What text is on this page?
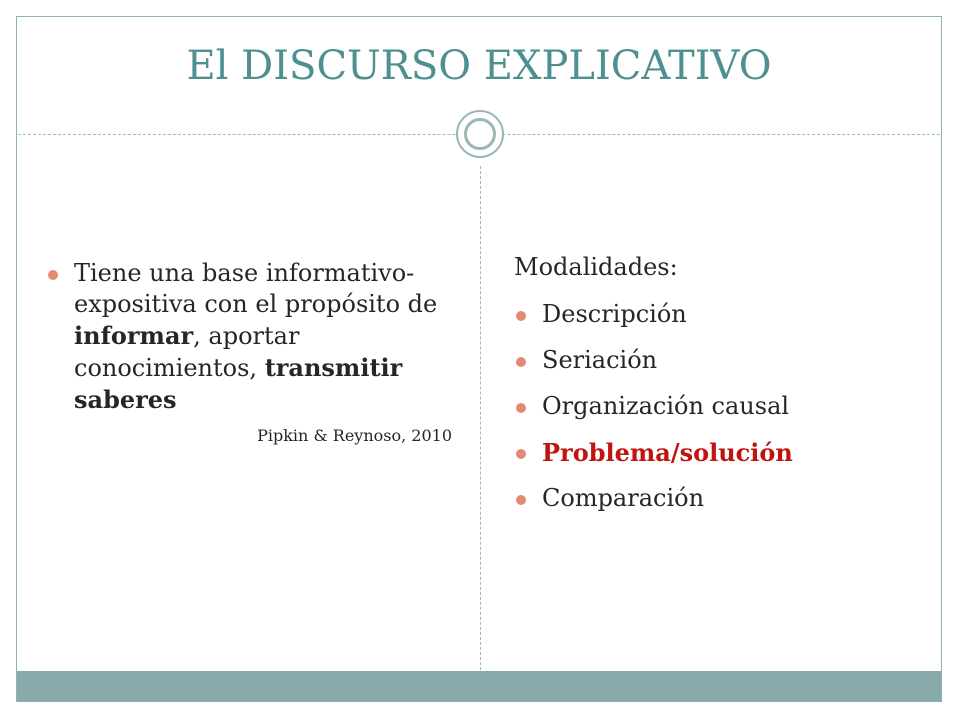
El DISCURSO EXPLICATIVO
Tiene una base informativo-expositiva con el propósito de informar, aportar conocimientos, transmitir saberes
Pipkin & Reynoso, 2010
Modalidades:
Descripción
Seriación
Organización causal
Problema/solución
Comparación
